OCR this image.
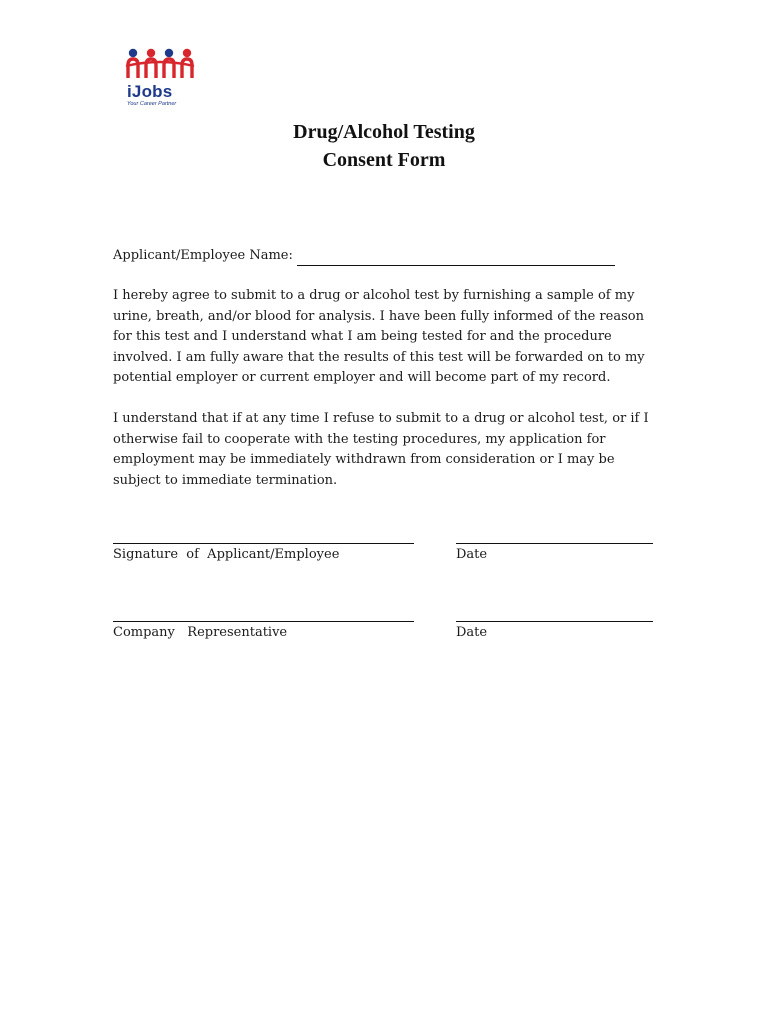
iJobs
Your Career Partner
Drug/Alcohol Testing
Consent Form
Applicant/Employee Name:

I hereby agree to submit to a drug or alcohol test by furnishing a sample of my urine, breath, and/or blood for analysis. I have been fully informed of the reason for this test and I understand what I am being tested for and the procedure involved. I am fully aware that the results of this test will be forwarded on to my potential employer or current employer and will become part of my record.

I understand that if at any time I refuse to submit to a drug or alcohol test, or if I otherwise fail to cooperate with the testing procedures, my application for employment may be immediately withdrawn from consideration or I may be subject to immediate termination.

Signature  of  Applicant/Employee	Date
Company   Representative	Date
